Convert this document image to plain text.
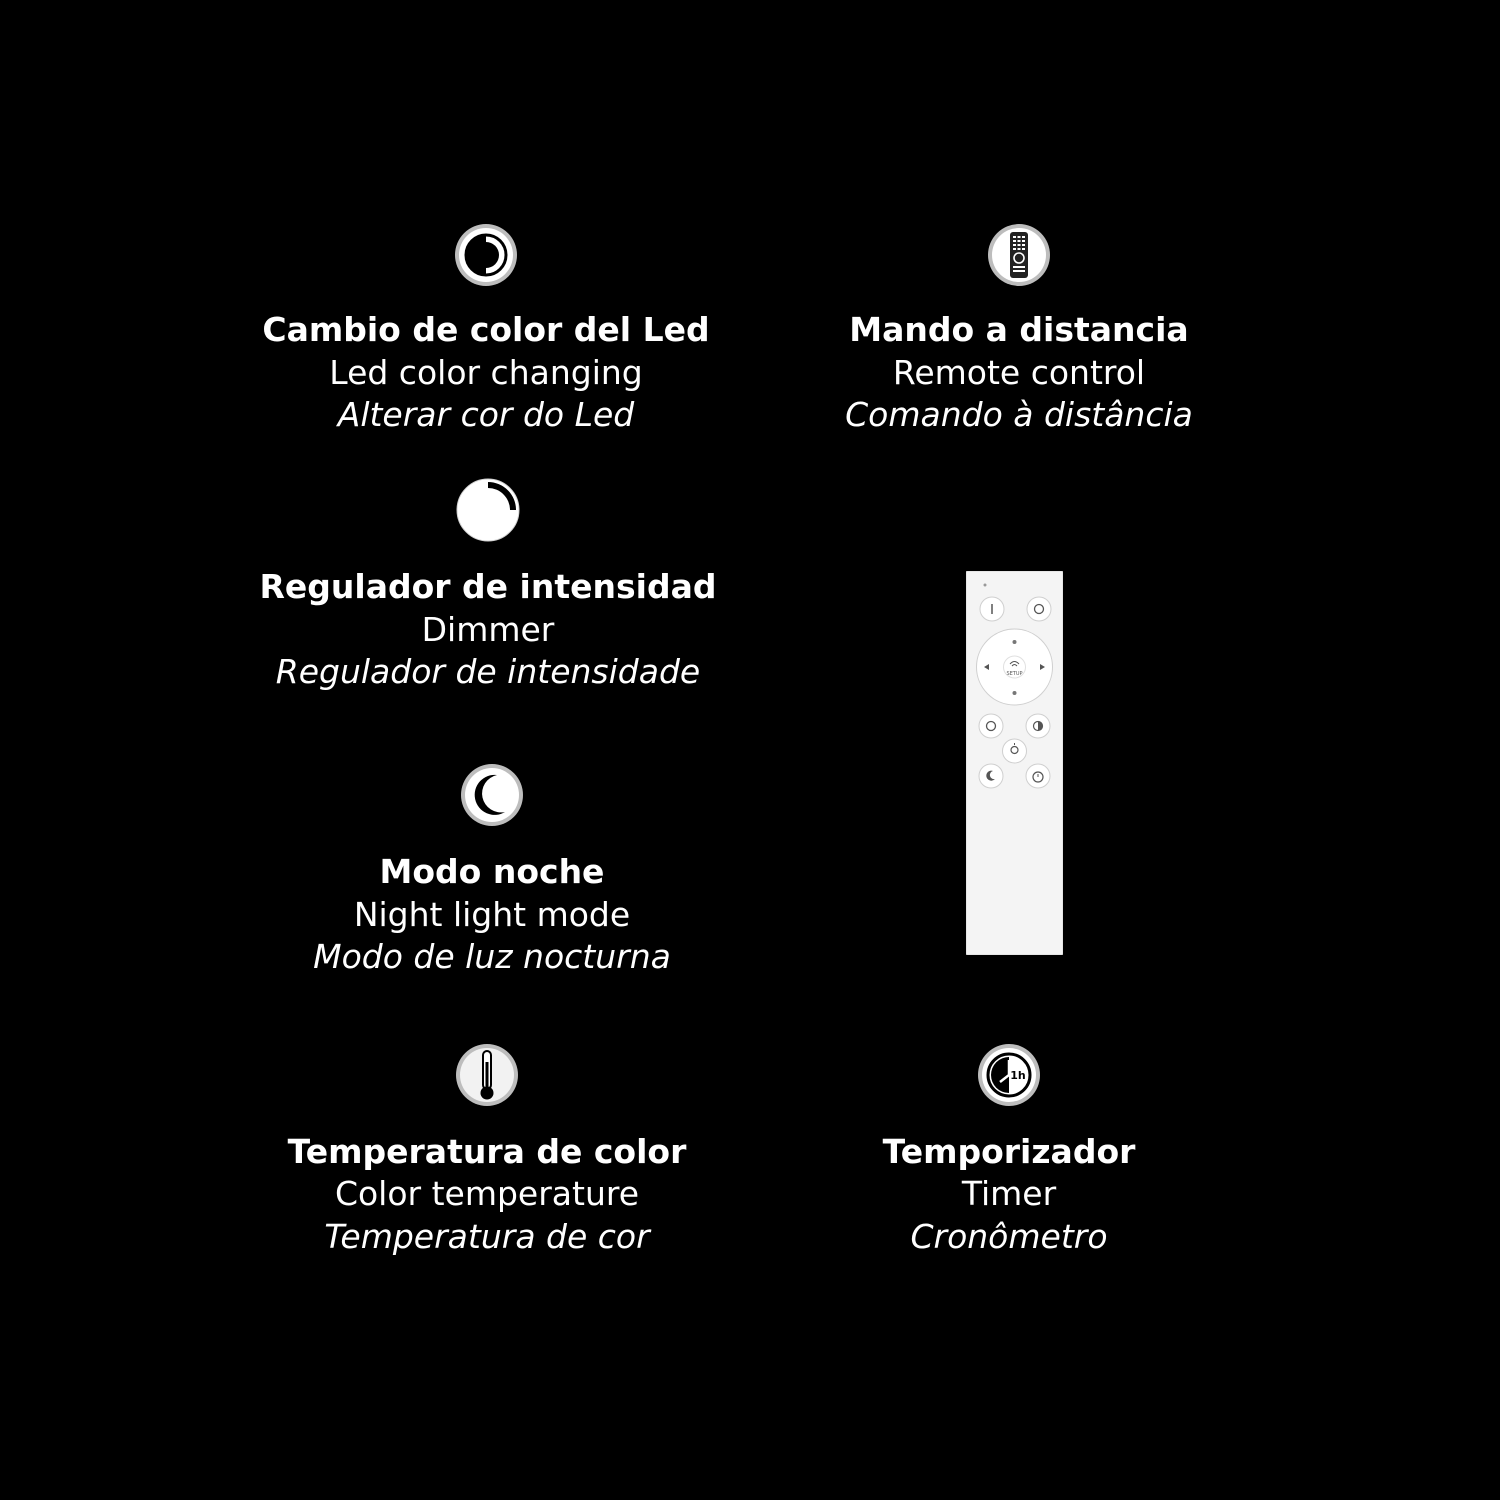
Cambio de color del Led
Led color changing
Alterar cor do Led
Mando a distancia
Remote control
Comando à distância
Regulador de intensidad
Dimmer
Regulador de intensidade
Modo noche
Night light mode
Modo de luz nocturna
Temperatura de color
Color temperature
Temperatura de cor
1h
Temporizador
Timer
Cronômetro
SETUP
